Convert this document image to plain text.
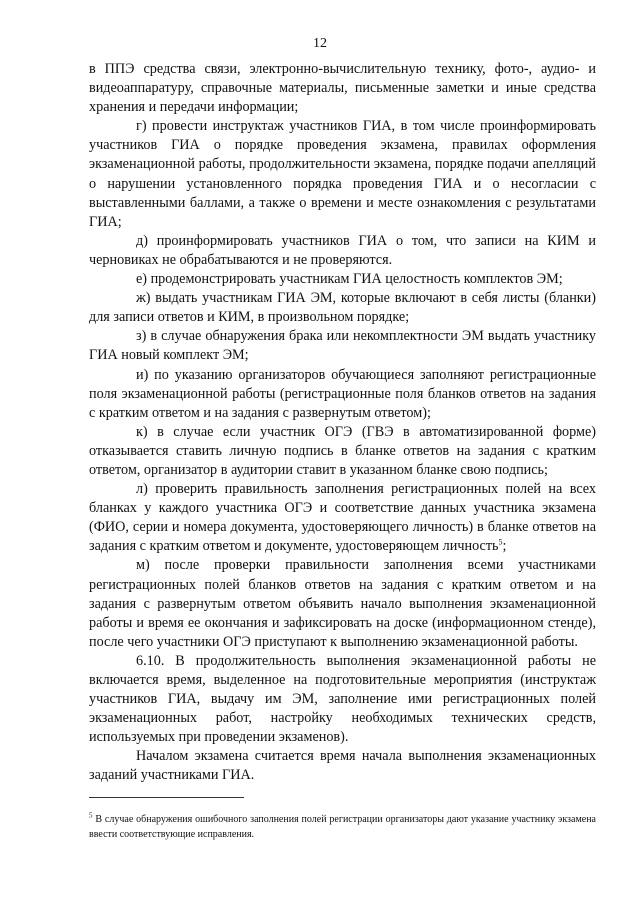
12

в ППЭ средства связи, электронно-вычислительную технику, фото-, аудио- и видеоаппаратуру, справочные материалы, письменные заметки и иные средства хранения и передачи информации;

г) провести инструктаж участников ГИА, в том числе проинформировать участников ГИА о порядке проведения экзамена, правилах оформления экзаменационной работы, продолжительности экзамена, порядке подачи апелляций о нарушении установленного порядка проведения ГИА и о несогласии с выставленными баллами, а также о времени и месте ознакомления с результатами ГИА;

д) проинформировать участников ГИА о том, что записи на КИМ и черновиках не обрабатываются и не проверяются.

е) продемонстрировать участникам ГИА целостность комплектов ЭМ;

ж) выдать участникам ГИА ЭМ, которые включают в себя листы (бланки) для записи ответов и КИМ, в произвольном порядке;

з) в случае обнаружения брака или некомплектности ЭМ выдать участнику ГИА новый комплект ЭМ;

и) по указанию организаторов обучающиеся заполняют регистрационные поля экзаменационной работы (регистрационные поля бланков ответов на задания с кратким ответом и на задания с развернутым ответом);

к) в случае если участник ОГЭ (ГВЭ в автоматизированной форме) отказывается ставить личную подпись в бланке ответов на задания с кратким ответом, организатор в аудитории ставит в указанном бланке свою подпись;

л) проверить правильность заполнения регистрационных полей на всех бланках у каждого участника ОГЭ и соответствие данных участника экзамена (ФИО, серии и номера документа, удостоверяющего личность) в бланке ответов на задания с кратким ответом и документе, удостоверяющем личность$^5$;

м) после проверки правильности заполнения всеми участниками регистрационных полей бланков ответов на задания с кратким ответом и на задания с развернутым ответом объявить начало выполнения экзаменационной работы и время ее окончания и зафиксировать на доске (информационном стенде), после чего участники ОГЭ приступают к выполнению экзаменационной работы.

6.10. В продолжительность выполнения экзаменационной работы не включается время, выделенное на подготовительные мероприятия (инструктаж участников ГИА, выдачу им ЭМ, заполнение ими регистрационных полей экзаменационных работ, настройку необходимых технических средств, используемых при проведении экзаменов).

Началом экзамена считается время начала выполнения экзаменационных заданий участниками ГИА.

$^5$ В случае обнаружения ошибочного заполнения полей регистрации организаторы дают указание участнику экзамена ввести соответствующие исправления.
